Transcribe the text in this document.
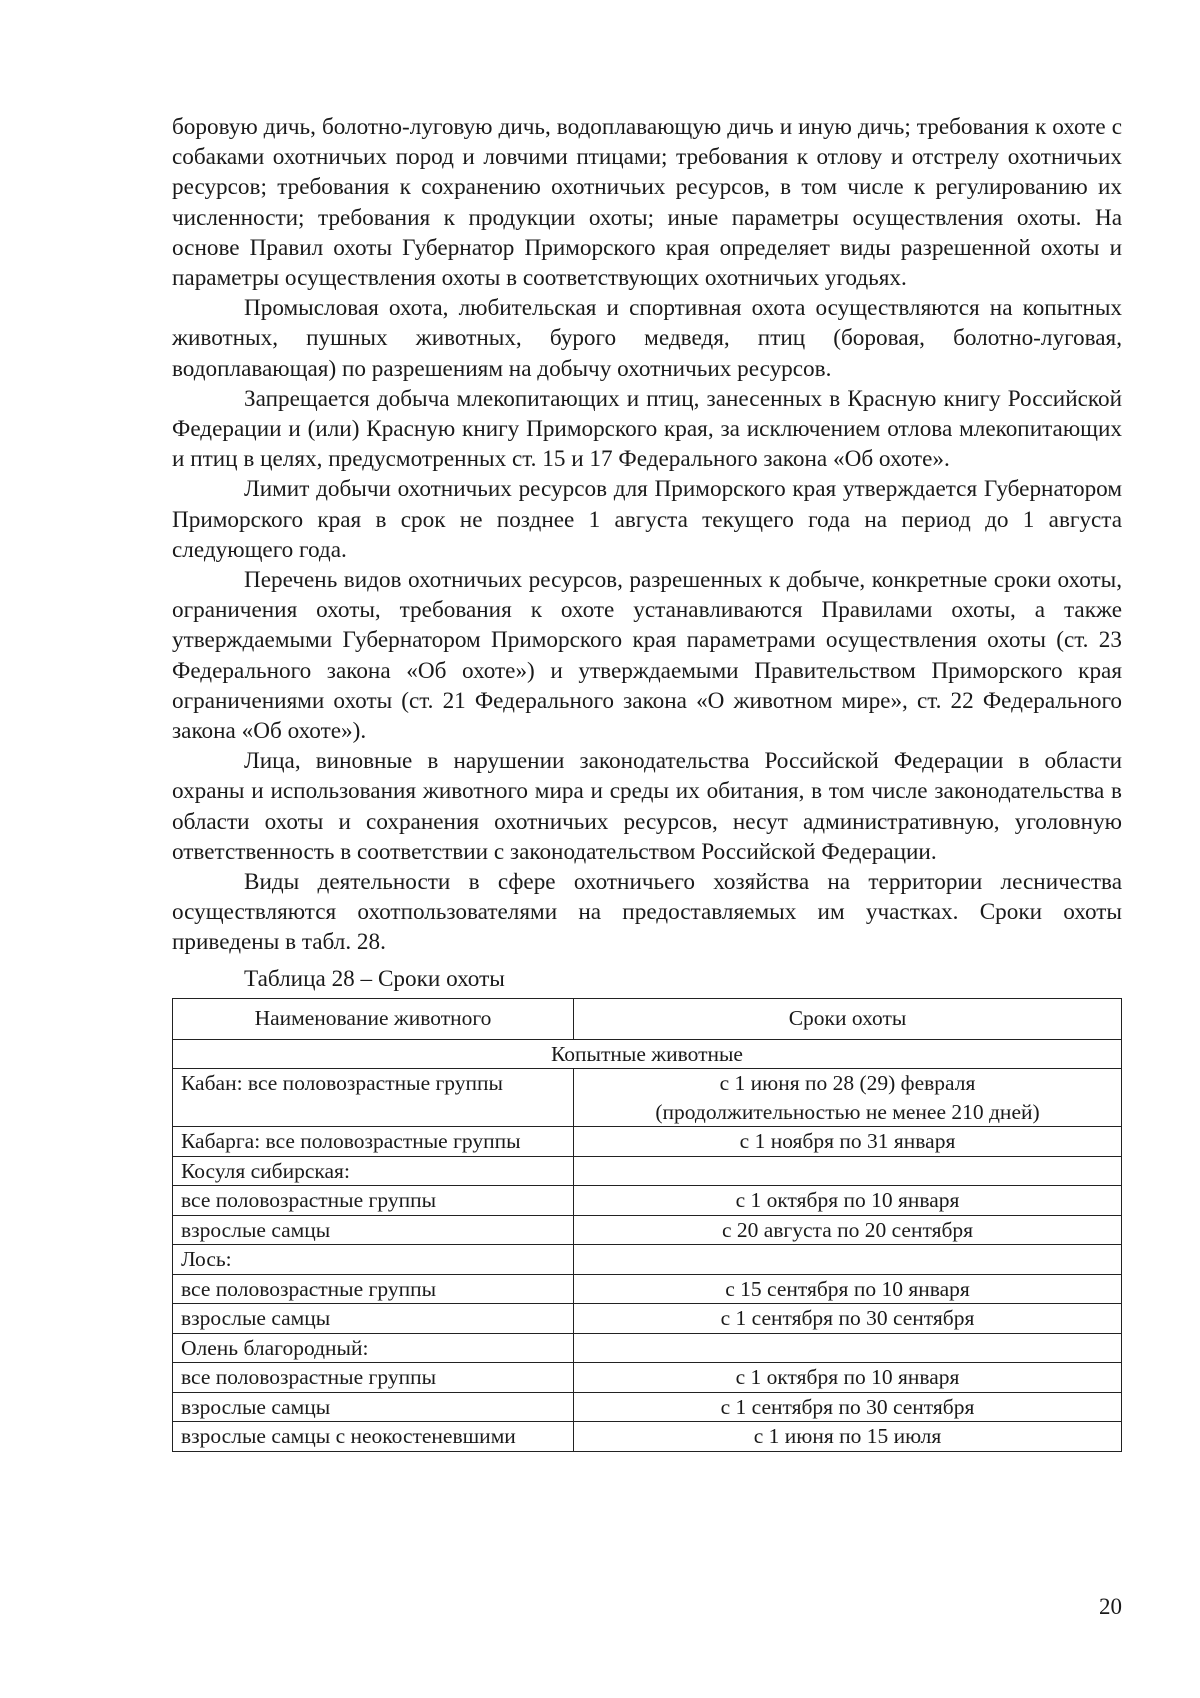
боровую дичь, болотно-луговую дичь, водоплавающую дичь и иную дичь; требования к охоте с собаками охотничьих пород и ловчими птицами; требования к отлову и отстрелу охотничьих ресурсов; требования к сохранению охотничьих ресурсов, в том числе к регулированию их численности; требования к продукции охоты; иные параметры осуществления охоты. На основе Правил охоты Губернатор Приморского края определяет виды разрешенной охоты и параметры осуществления охоты в соответствующих охотничьих угодьях.

Промысловая охота, любительская и спортивная охота осуществляются на копытных животных, пушных животных, бурого медведя, птиц (боровая, болотно-луговая, водоплавающая) по разрешениям на добычу охотничьих ресурсов.

Запрещается добыча млекопитающих и птиц, занесенных в Красную книгу Российской Федерации и (или) Красную книгу Приморского края, за исключением отлова млекопитающих и птиц в целях, предусмотренных ст. 15 и 17 Федерального закона «Об охоте».

Лимит добычи охотничьих ресурсов для Приморского края утверждается Губернатором Приморского края в срок не позднее 1 августа текущего года на период до 1 августа следующего года.

Перечень видов охотничьих ресурсов, разрешенных к добыче, конкретные сроки охоты, ограничения охоты, требования к охоте устанавливаются Правилами охоты, а также утверждаемыми Губернатором Приморского края параметрами осуществления охоты (ст. 23 Федерального закона «Об охоте») и утверждаемыми Правительством Приморского края ограничениями охоты (ст. 21 Федерального закона «О животном мире», ст. 22 Федерального закона «Об охоте»).

Лица, виновные в нарушении законодательства Российской Федерации в области охраны и использования животного мира и среды их обитания, в том числе законодательства в области охоты и сохранения охотничьих ресурсов, несут административную, уголовную ответственность в соответствии с законодательством Российской Федерации.

Виды деятельности в сфере охотничьего хозяйства на территории лесничества осуществляются охотпользователями на предоставляемых им участках. Сроки охоты приведены в табл. 28.

Таблица 28 – Сроки охоты

Наименование животного	Сроки охоты
Копытные животные	
Кабан: все половозрастные группы	с 1 июня по 28 (29) февраля
(продолжительностью не менее 210 дней)
Кабарга: все половозрастные группы	с 1 ноября по 31 января
Косуля сибирская:	
все половозрастные группы	с 1 октября по 10 января
взрослые самцы	с 20 августа по 20 сентября
Лось:	
все половозрастные группы	с 15 сентября по 10 января
взрослые самцы	с 1 сентября по 30 сентября
Олень благородный:	
все половозрастные группы	с 1 октября по 10 января
взрослые самцы	с 1 сентября по 30 сентября
взрослые самцы с неокостеневшими	с 1 июня по 15 июля
20
